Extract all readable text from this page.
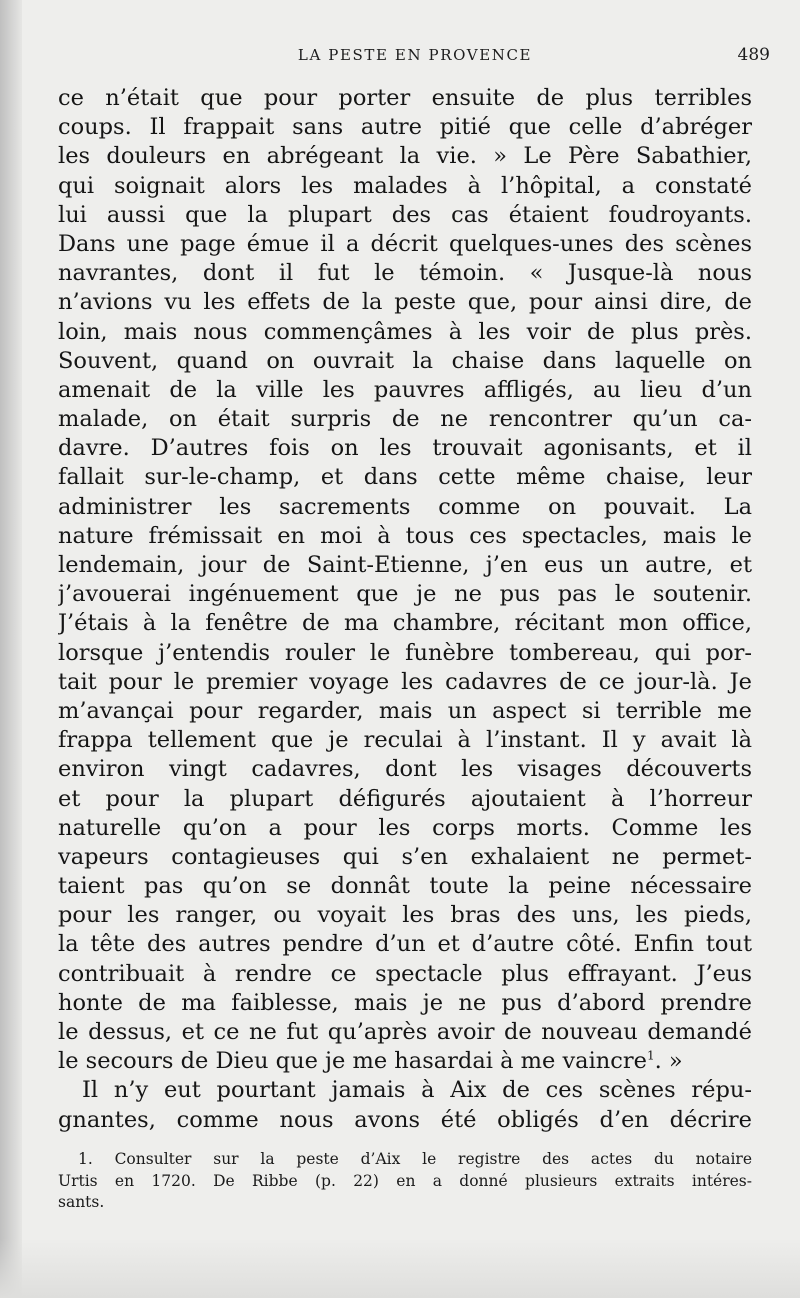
LA PESTE EN PROVENCE	489
ce n’était que pour porter ensuite de plus terribles
coups. Il frappait sans autre pitié que celle d’abréger
les douleurs en abrégeant la vie. » Le Père Sabathier,
qui soignait alors les malades à l’hôpital, a constaté
lui aussi que la plupart des cas étaient foudroyants.
Dans une page émue il a décrit quelques-unes des scènes
navrantes, dont il fut le témoin. « Jusque-là nous
n’avions vu les effets de la peste que, pour ainsi dire, de
loin, mais nous commençâmes à les voir de plus près.
Souvent, quand on ouvrait la chaise dans laquelle on
amenait de la ville les pauvres affligés, au lieu d’un
malade, on était surpris de ne rencontrer qu’un ca-
davre. D’autres fois on les trouvait agonisants, et il
fallait sur-le-champ, et dans cette même chaise, leur
administrer les sacrements comme on pouvait. La
nature frémissait en moi à tous ces spectacles, mais le
lendemain, jour de Saint-Etienne, j’en eus un autre, et
j’avouerai ingénuement que je ne pus pas le soutenir.
J’étais à la fenêtre de ma chambre, récitant mon office,
lorsque j’entendis rouler le funèbre tombereau, qui por-
tait pour le premier voyage les cadavres de ce jour-là. Je
m’avançai pour regarder, mais un aspect si terrible me
frappa tellement que je reculai à l’instant. Il y avait là
environ vingt cadavres, dont les visages découverts
et pour la plupart défigurés ajoutaient à l’horreur
naturelle qu’on a pour les corps morts. Comme les
vapeurs contagieuses qui s’en exhalaient ne permet-
taient pas qu’on se donnât toute la peine nécessaire
pour les ranger, ou voyait les bras des uns, les pieds,
la tête des autres pendre d’un et d’autre côté. Enfin tout
contribuait à rendre ce spectacle plus effrayant. J’eus
honte de ma faiblesse, mais je ne pus d’abord prendre
le dessus, et ce ne fut qu’après avoir de nouveau demandé
le secours de Dieu que je me hasardai à me vaincre$^1$. »
Il n’y eut pourtant jamais à Aix de ces scènes répu-
gnantes, comme nous avons été obligés d’en décrire
1. Consulter sur la peste d’Aix le registre des actes du notaire
Urtis en 1720. De Ribbe (p. 22) en a donné plusieurs extraits intéres-
sants.
